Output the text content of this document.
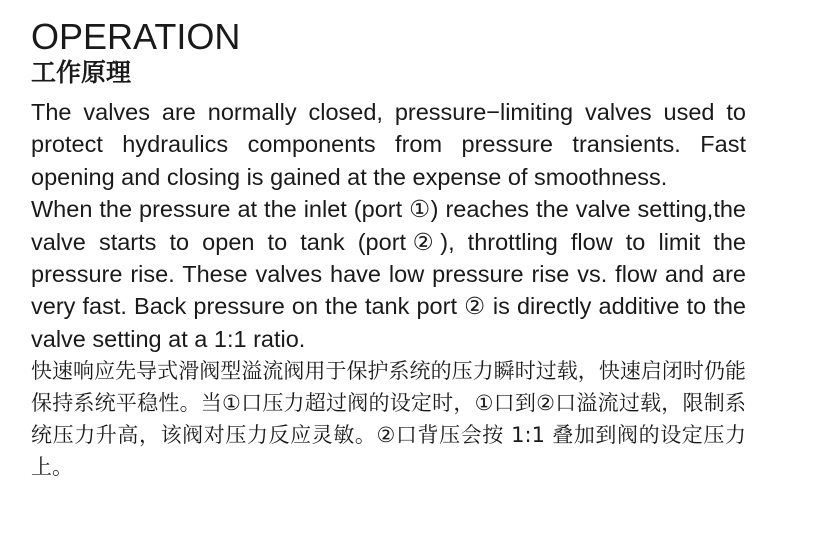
OPERATION
工作原理

The valves are normally closed, pressure−limiting valves used to protect hydraulics components from pressure transients. Fast opening and closing is gained at the expense of smoothness.

When the pressure at the inlet (port ①) reaches the valve setting,the valve starts to open to tank (port②), throttling flow to limit the pressure rise. These valves have low pressure rise vs. flow and are very fast. Back pressure on the tank port ② is directly additive to the valve setting at a 1:1 ratio.

快速响应先导式滑阀型溢流阀用于保护系统的压力瞬时过载，快速启闭时仍能保持系统平稳性。当①口压力超过阀的设定时，①口到②口溢流过载，限制系统压力升高，该阀对压力反应灵敏。②口背压会按 1:1 叠加到阀的设定压力上。
